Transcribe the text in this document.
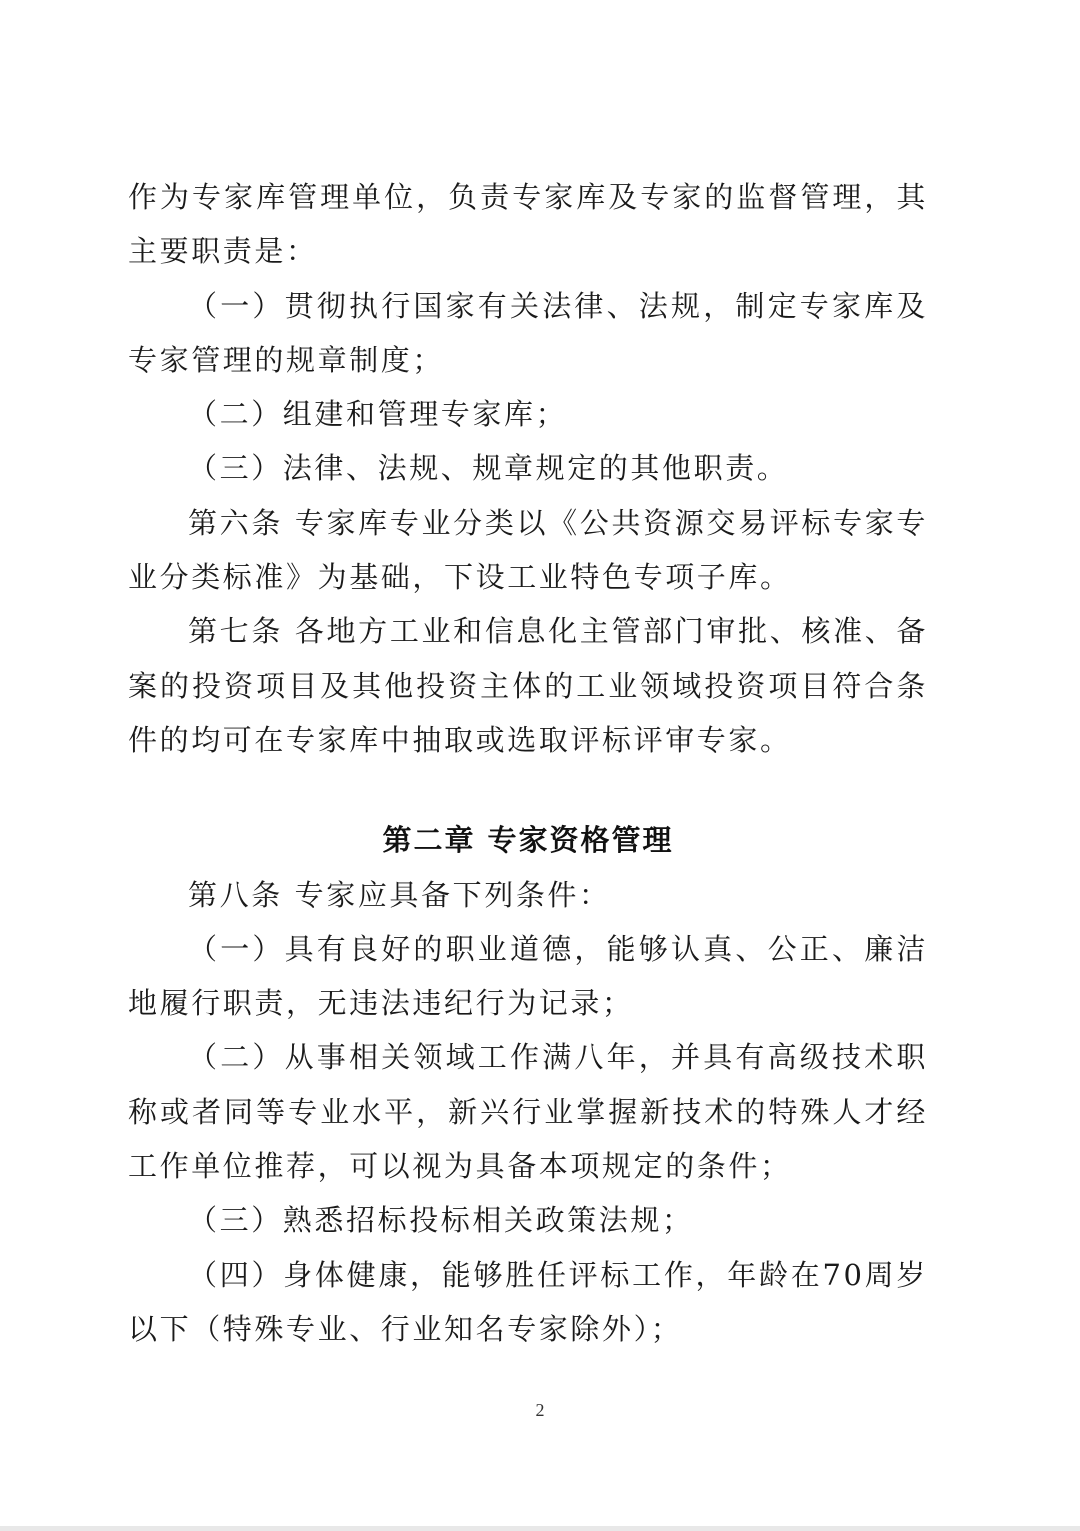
作为专家库管理单位，负责专家库及专家的监督管理，其主要职责是：

（一）贯彻执行国家有关法律、法规，制定专家库及专家管理的规章制度；

（二）组建和管理专家库；

（三）法律、法规、规章规定的其他职责。

第六条 专家库专业分类以《公共资源交易评标专家专业分类标准》为基础，下设工业特色专项子库。

第七条 各地方工业和信息化主管部门审批、核准、备案的投资项目及其他投资主体的工业领域投资项目符合条件的均可在专家库中抽取或选取评标评审专家。

第二章 专家资格管理

第八条 专家应具备下列条件：

（一）具有良好的职业道德，能够认真、公正、廉洁地履行职责，无违法违纪行为记录；

（二）从事相关领域工作满八年，并具有高级技术职称或者同等专业水平，新兴行业掌握新技术的特殊人才经工作单位推荐，可以视为具备本项规定的条件；

（三）熟悉招标投标相关政策法规；

（四）身体健康，能够胜任评标工作，年龄在70周岁以下（特殊专业、行业知名专家除外）；

2
